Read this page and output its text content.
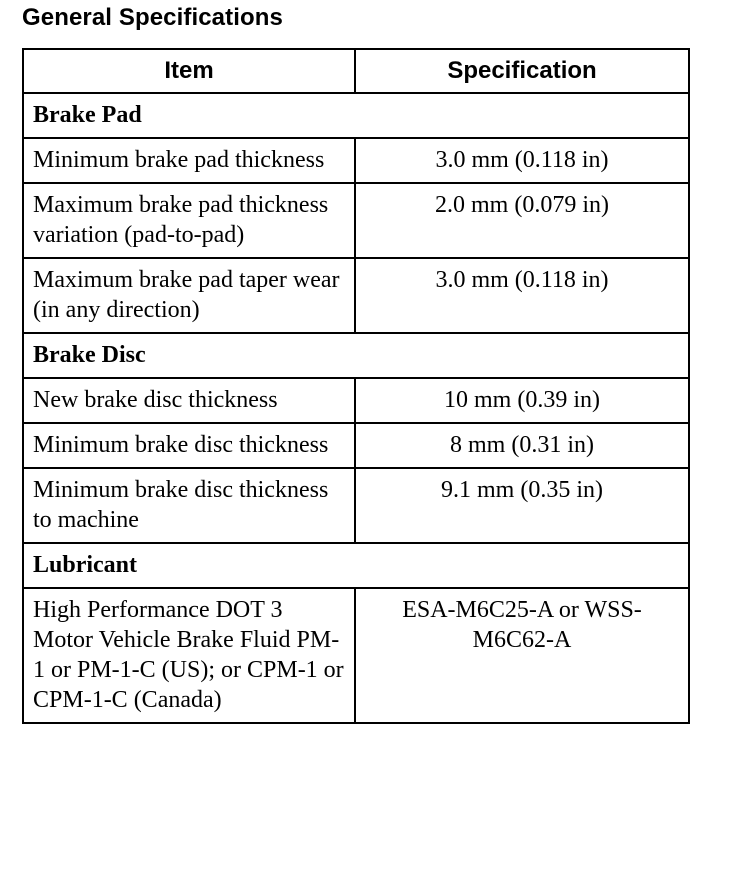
General Specifications
Item	Specification
Brake Pad	
Minimum brake pad thickness	3.0 mm (0.118 in)
Maximum brake pad thickness variation (pad-to-pad)	2.0 mm (0.079 in)
Maximum brake pad taper wear (in any direction)	3.0 mm (0.118 in)
Brake Disc	
New brake disc thickness	10 mm (0.39 in)
Minimum brake disc thickness	8 mm (0.31 in)
Minimum brake disc thickness to machine	9.1 mm (0.35 in)
Lubricant	
High Performance DOT 3 Motor Vehicle Brake Fluid PM-1 or PM-1-C (US); or CPM-1 or CPM-1-C (Canada)	ESA-M6C25-A or WSS-M6C62-A
